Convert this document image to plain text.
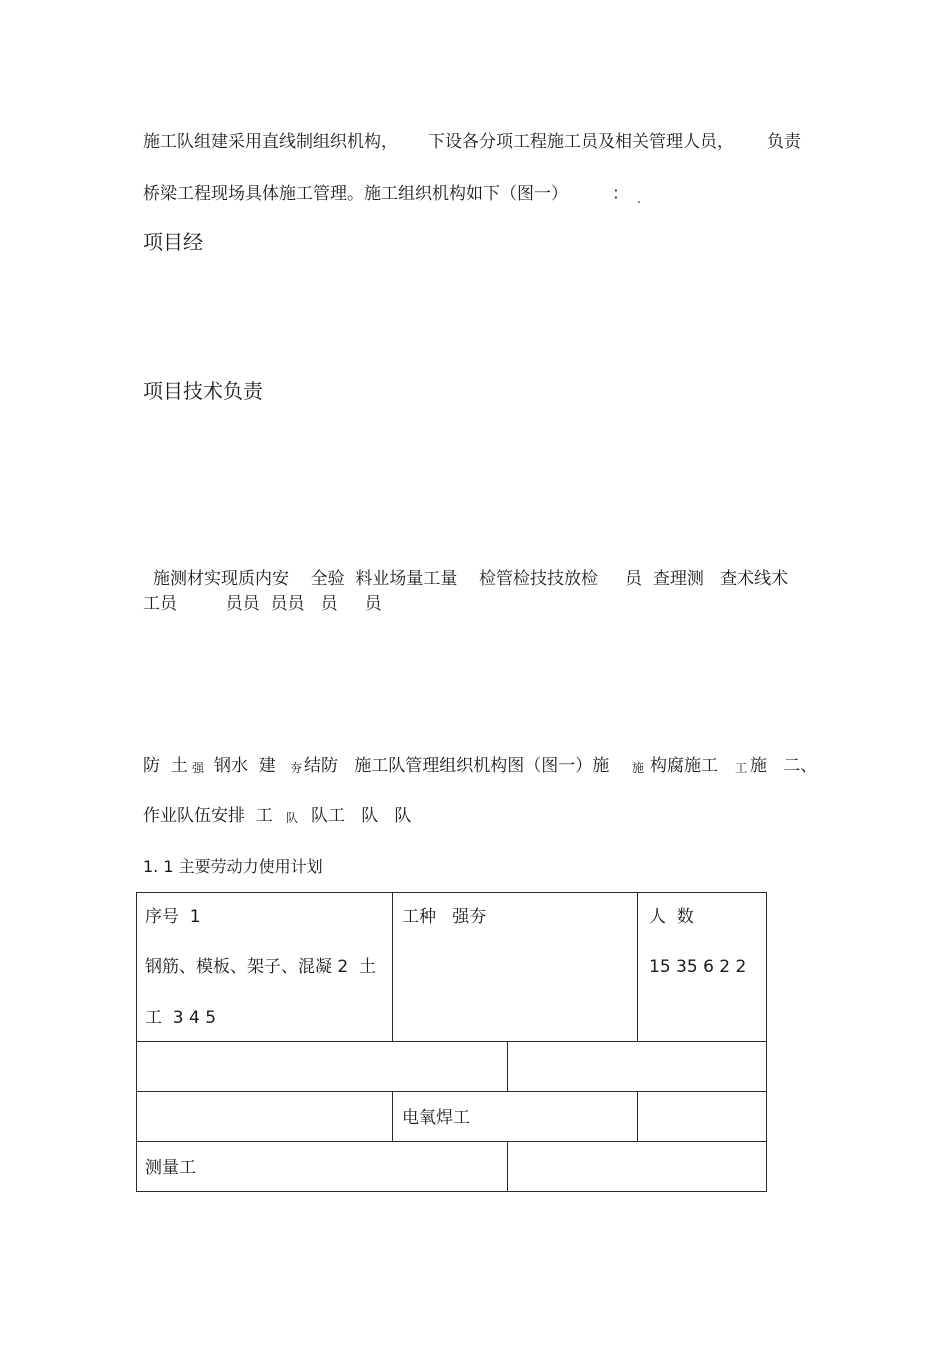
施工队组建采用直线制组织机构， 下设各分项工程施工员及相关管理人员， 负责
桥梁工程现场具体施工管理。施工组织机构如下（图一）	： .
项目经
项目技术负责
施测材实现质内安    全验  料业场量工量    检管检技技放检     员  查理测   查术线术
工员         员员  员员   员     员
防  土 强 钢水  建 夯 结防   施工队管理组织机构图（图一）施 施 构腐施工 工 施   二、
作业队伍安排  工 队 队工   队   队
1. 1 主要劳动力使用计划
序号  1
钢筋、模板、架子、混凝 2  土
工  3 4 5
工种   强夯	人  数
15 35 6 2 2
电氧焊工
测量工
